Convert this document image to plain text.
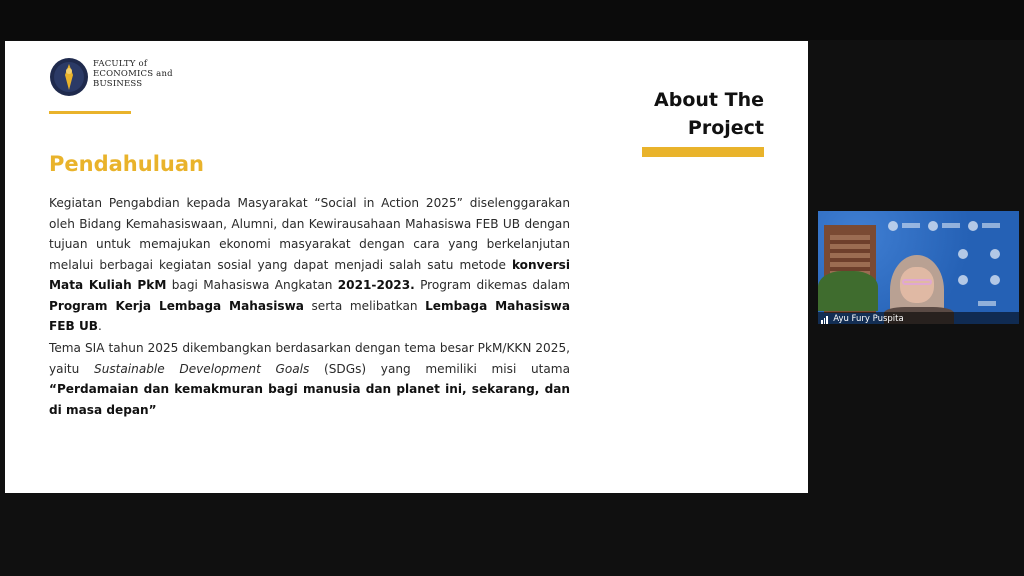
FACULTY of
ECONOMICS and
BUSINESS
About The
Project
Pendahuluan
Kegiatan Pengabdian kepada Masyarakat “Social in Action 2025” diselenggarakan oleh Bidang Kemahasiswaan, Alumni, dan Kewirausahaan Mahasiswa FEB UB dengan tujuan untuk memajukan ekonomi masyarakat dengan cara yang berkelanjutan melalui berbagai kegiatan sosial yang dapat menjadi salah satu metode konversi Mata Kuliah PkM bagi Mahasiswa Angkatan 2021-2023. Program dikemas dalam Program Kerja Lembaga Mahasiswa serta melibatkan Lembaga Mahasiswa FEB UB.
Tema SIA tahun 2025 dikembangkan berdasarkan dengan tema besar PkM/KKN 2025, yaitu Sustainable Development Goals (SDGs) yang memiliki misi utama “Perdamaian dan kemakmuran bagi manusia dan planet ini, sekarang, dan di masa depan”
Ayu Fury Puspita
